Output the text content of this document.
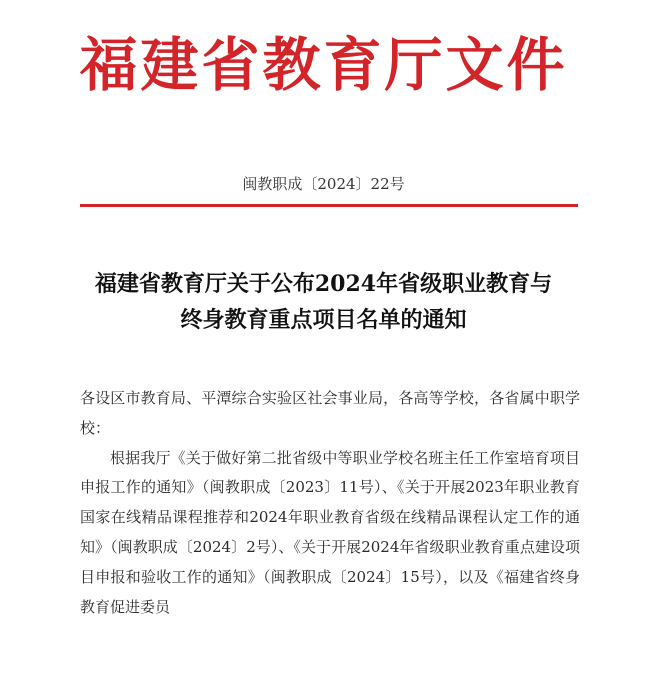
福建省教育厅文件
闽教职成〔2024〕22号
福建省教育厅关于公布2024年省级职业教育与
终身教育重点项目名单的通知

各设区市教育局、平潭综合实验区社会事业局，各高等学校，各省属中职学校：

根据我厅《关于做好第二批省级中等职业学校名班主任工作室培育项目申报工作的通知》（闽教职成〔2023〕11号）、《关于开展2023年职业教育国家在线精品课程推荐和2024年职业教育省级在线精品课程认定工作的通知》（闽教职成〔2024〕2号）、《关于开展2024年省级职业教育重点建设项目申报和验收工作的通知》（闽教职成〔2024〕15号），以及《福建省终身教育促进委员
